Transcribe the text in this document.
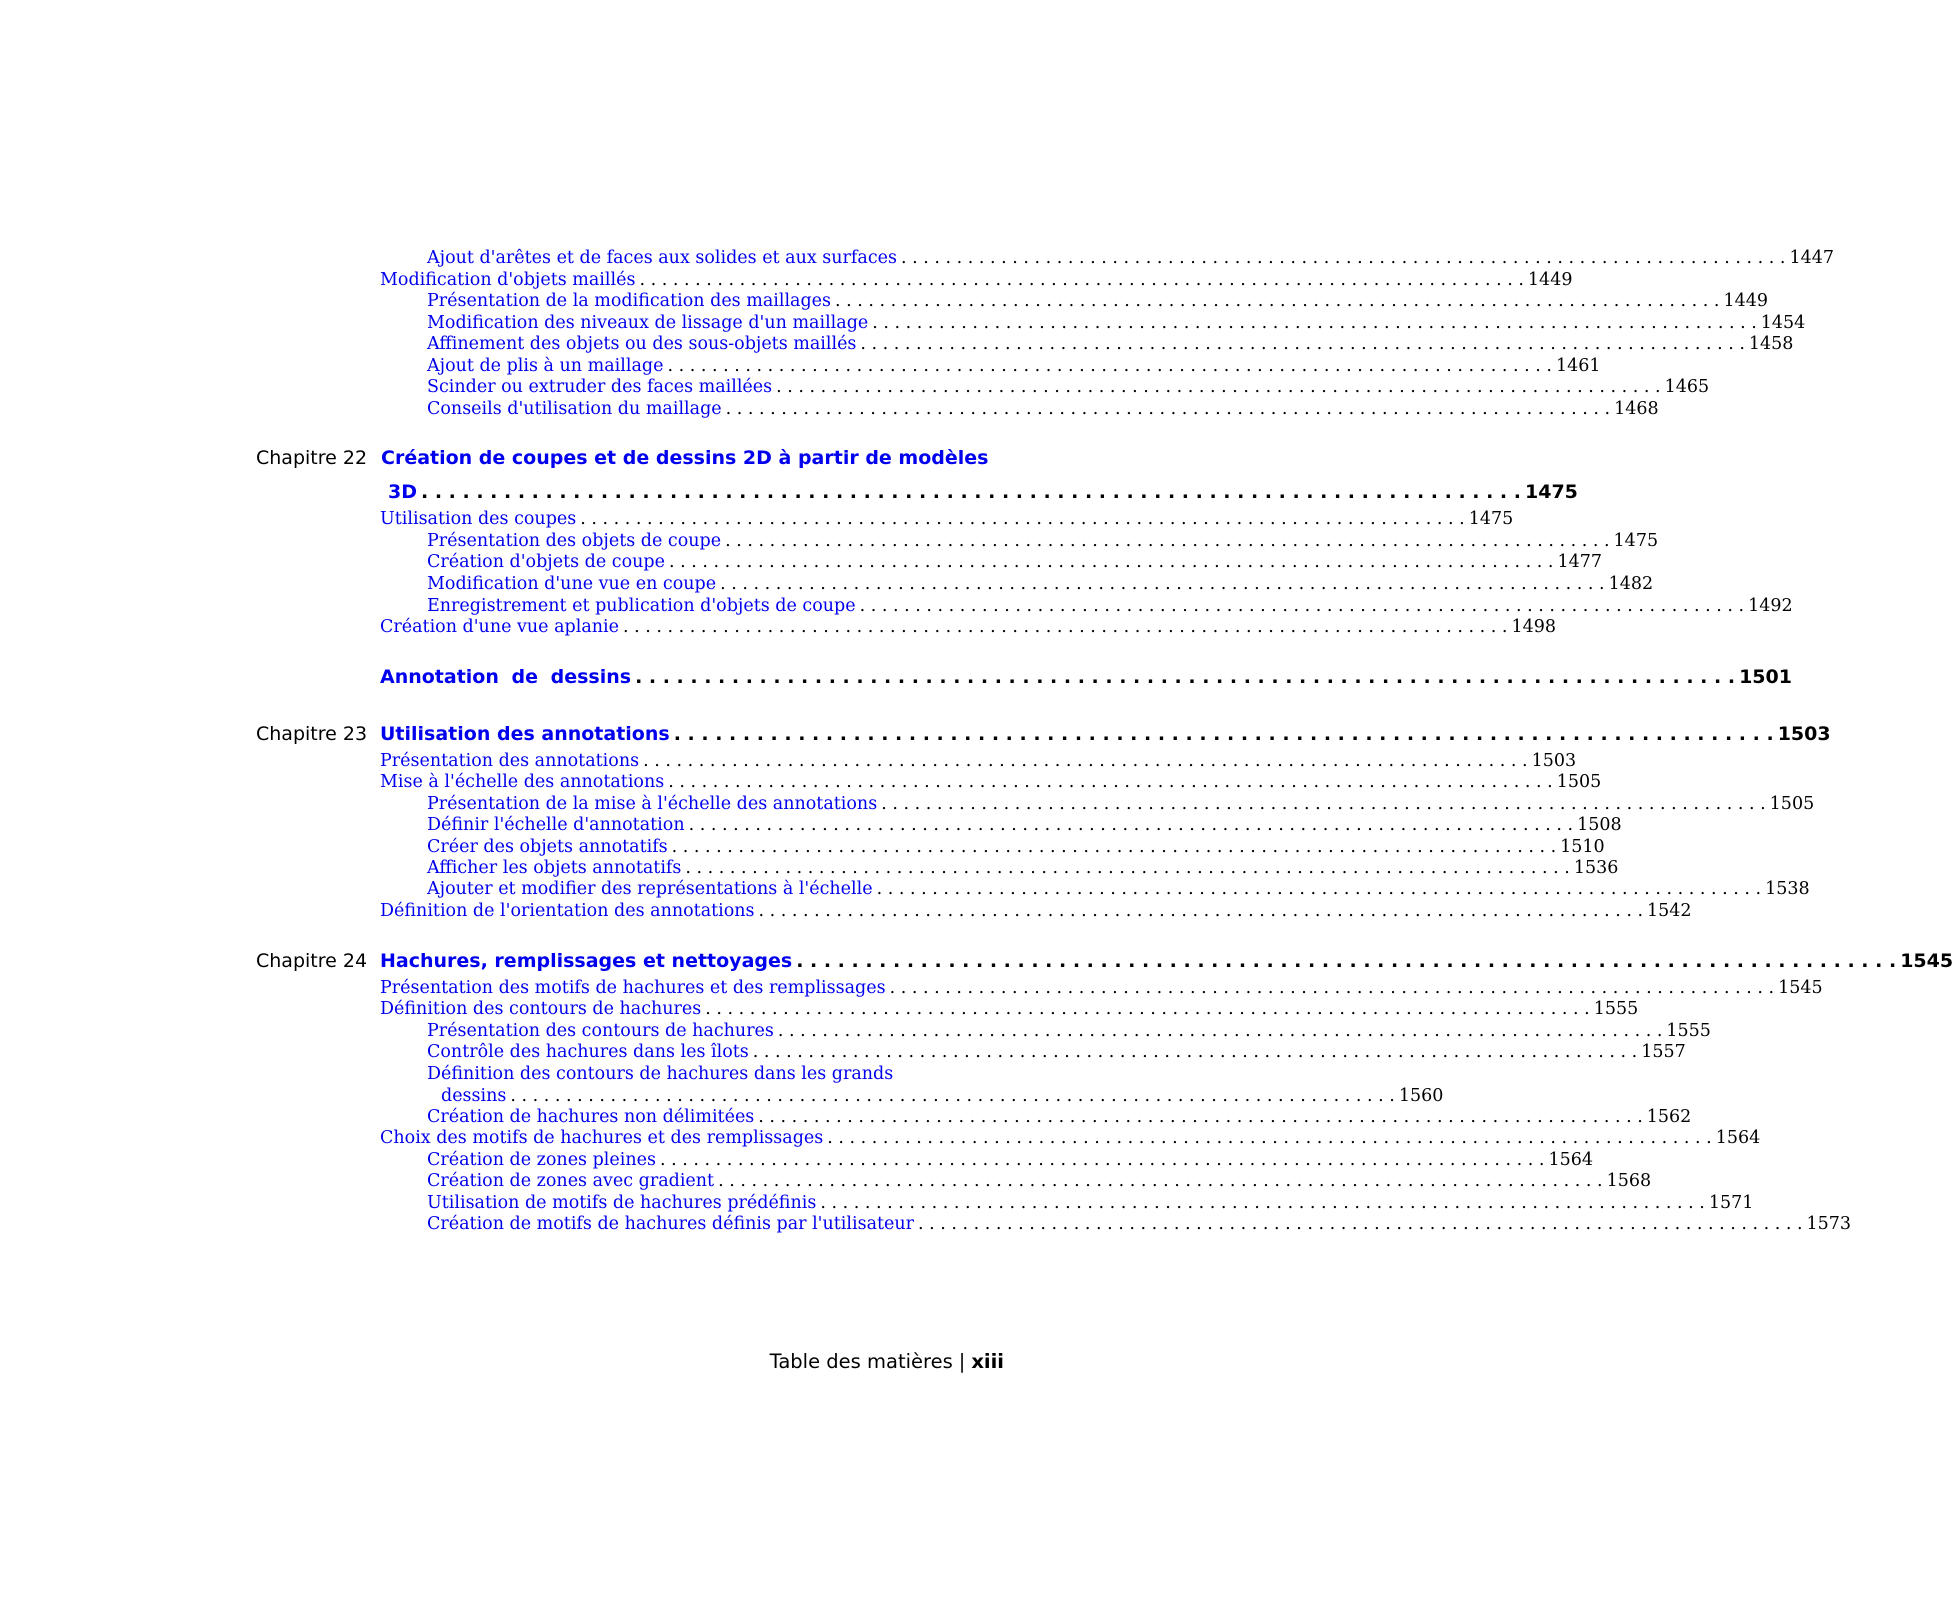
Ajout d'arêtes et de faces aux solides et aux surfaces . . . . . . . . . . . . . . . . . . . . . . . . . . . . . . . . . . . . . . . . . . . . . . . . . . . . . . . . . . . . . . . . . . . . . . . . . . . . . . . . 1447
Modification d'objets maillés . . . . . . . . . . . . . . . . . . . . . . . . . . . . . . . . . . . . . . . . . . . . . . . . . . . . . . . . . . . . . . . . . . . . . . . . . . . . . . . . 1449
Présentation de la modification des maillages . . . . . . . . . . . . . . . . . . . . . . . . . . . . . . . . . . . . . . . . . . . . . . . . . . . . . . . . . . . . . . . . . . . . . . . . . . . . . . . . 1449
Modification des niveaux de lissage d'un maillage . . . . . . . . . . . . . . . . . . . . . . . . . . . . . . . . . . . . . . . . . . . . . . . . . . . . . . . . . . . . . . . . . . . . . . . . . . . . . . . . 1454
Affinement des objets ou des sous-objets maillés . . . . . . . . . . . . . . . . . . . . . . . . . . . . . . . . . . . . . . . . . . . . . . . . . . . . . . . . . . . . . . . . . . . . . . . . . . . . . . . . 1458
Ajout de plis à un maillage . . . . . . . . . . . . . . . . . . . . . . . . . . . . . . . . . . . . . . . . . . . . . . . . . . . . . . . . . . . . . . . . . . . . . . . . . . . . . . . . 1461
Scinder ou extruder des faces maillées . . . . . . . . . . . . . . . . . . . . . . . . . . . . . . . . . . . . . . . . . . . . . . . . . . . . . . . . . . . . . . . . . . . . . . . . . . . . . . . . 1465
Conseils d'utilisation du maillage . . . . . . . . . . . . . . . . . . . . . . . . . . . . . . . . . . . . . . . . . . . . . . . . . . . . . . . . . . . . . . . . . . . . . . . . . . . . . . . . 1468
Chapitre 22 Création de coupes et de dessins 2D à partir de modèles
3D . . . . . . . . . . . . . . . . . . . . . . . . . . . . . . . . . . . . . . . . . . . . . . . . . . . . . . . . . . . . . . . . . . . . . . . . . . . . . . . . 1475
Utilisation des coupes . . . . . . . . . . . . . . . . . . . . . . . . . . . . . . . . . . . . . . . . . . . . . . . . . . . . . . . . . . . . . . . . . . . . . . . . . . . . . . . . 1475
Présentation des objets de coupe . . . . . . . . . . . . . . . . . . . . . . . . . . . . . . . . . . . . . . . . . . . . . . . . . . . . . . . . . . . . . . . . . . . . . . . . . . . . . . . . 1475
Création d'objets de coupe . . . . . . . . . . . . . . . . . . . . . . . . . . . . . . . . . . . . . . . . . . . . . . . . . . . . . . . . . . . . . . . . . . . . . . . . . . . . . . . . 1477
Modification d'une vue en coupe . . . . . . . . . . . . . . . . . . . . . . . . . . . . . . . . . . . . . . . . . . . . . . . . . . . . . . . . . . . . . . . . . . . . . . . . . . . . . . . . 1482
Enregistrement et publication d'objets de coupe . . . . . . . . . . . . . . . . . . . . . . . . . . . . . . . . . . . . . . . . . . . . . . . . . . . . . . . . . . . . . . . . . . . . . . . . . . . . . . . . 1492
Création d'une vue aplanie . . . . . . . . . . . . . . . . . . . . . . . . . . . . . . . . . . . . . . . . . . . . . . . . . . . . . . . . . . . . . . . . . . . . . . . . . . . . . . . . 1498
Annotation de dessins . . . . . . . . . . . . . . . . . . . . . . . . . . . . . . . . . . . . . . . . . . . . . . . . . . . . . . . . . . . . . . . . . . . . . . . . . . . . . . . . 1501
Chapitre 23 Utilisation des annotations . . . . . . . . . . . . . . . . . . . . . . . . . . . . . . . . . . . . . . . . . . . . . . . . . . . . . . . . . . . . . . . . . . . . . . . . . . . . . . . . 1503
Présentation des annotations . . . . . . . . . . . . . . . . . . . . . . . . . . . . . . . . . . . . . . . . . . . . . . . . . . . . . . . . . . . . . . . . . . . . . . . . . . . . . . . . 1503
Mise à l'échelle des annotations . . . . . . . . . . . . . . . . . . . . . . . . . . . . . . . . . . . . . . . . . . . . . . . . . . . . . . . . . . . . . . . . . . . . . . . . . . . . . . . . 1505
Présentation de la mise à l'échelle des annotations . . . . . . . . . . . . . . . . . . . . . . . . . . . . . . . . . . . . . . . . . . . . . . . . . . . . . . . . . . . . . . . . . . . . . . . . . . . . . . . . 1505
Définir l'échelle d'annotation . . . . . . . . . . . . . . . . . . . . . . . . . . . . . . . . . . . . . . . . . . . . . . . . . . . . . . . . . . . . . . . . . . . . . . . . . . . . . . . . 1508
Créer des objets annotatifs . . . . . . . . . . . . . . . . . . . . . . . . . . . . . . . . . . . . . . . . . . . . . . . . . . . . . . . . . . . . . . . . . . . . . . . . . . . . . . . . 1510
Afficher les objets annotatifs . . . . . . . . . . . . . . . . . . . . . . . . . . . . . . . . . . . . . . . . . . . . . . . . . . . . . . . . . . . . . . . . . . . . . . . . . . . . . . . . 1536
Ajouter et modifier des représentations à l'échelle . . . . . . . . . . . . . . . . . . . . . . . . . . . . . . . . . . . . . . . . . . . . . . . . . . . . . . . . . . . . . . . . . . . . . . . . . . . . . . . . 1538
Définition de l'orientation des annotations . . . . . . . . . . . . . . . . . . . . . . . . . . . . . . . . . . . . . . . . . . . . . . . . . . . . . . . . . . . . . . . . . . . . . . . . . . . . . . . . 1542
Chapitre 24 Hachures, remplissages et nettoyages . . . . . . . . . . . . . . . . . . . . . . . . . . . . . . . . . . . . . . . . . . . . . . . . . . . . . . . . . . . . . . . . . . . . . . . . . . . . . . . . 1545
Présentation des motifs de hachures et des remplissages . . . . . . . . . . . . . . . . . . . . . . . . . . . . . . . . . . . . . . . . . . . . . . . . . . . . . . . . . . . . . . . . . . . . . . . . . . . . . . . . 1545
Définition des contours de hachures . . . . . . . . . . . . . . . . . . . . . . . . . . . . . . . . . . . . . . . . . . . . . . . . . . . . . . . . . . . . . . . . . . . . . . . . . . . . . . . . 1555
Présentation des contours de hachures . . . . . . . . . . . . . . . . . . . . . . . . . . . . . . . . . . . . . . . . . . . . . . . . . . . . . . . . . . . . . . . . . . . . . . . . . . . . . . . . 1555
Contrôle des hachures dans les îlots . . . . . . . . . . . . . . . . . . . . . . . . . . . . . . . . . . . . . . . . . . . . . . . . . . . . . . . . . . . . . . . . . . . . . . . . . . . . . . . . 1557
Définition des contours de hachures dans les grands
dessins . . . . . . . . . . . . . . . . . . . . . . . . . . . . . . . . . . . . . . . . . . . . . . . . . . . . . . . . . . . . . . . . . . . . . . . . . . . . . . . . 1560
Création de hachures non délimitées . . . . . . . . . . . . . . . . . . . . . . . . . . . . . . . . . . . . . . . . . . . . . . . . . . . . . . . . . . . . . . . . . . . . . . . . . . . . . . . . 1562
Choix des motifs de hachures et des remplissages . . . . . . . . . . . . . . . . . . . . . . . . . . . . . . . . . . . . . . . . . . . . . . . . . . . . . . . . . . . . . . . . . . . . . . . . . . . . . . . . 1564
Création de zones pleines . . . . . . . . . . . . . . . . . . . . . . . . . . . . . . . . . . . . . . . . . . . . . . . . . . . . . . . . . . . . . . . . . . . . . . . . . . . . . . . . 1564
Création de zones avec gradient . . . . . . . . . . . . . . . . . . . . . . . . . . . . . . . . . . . . . . . . . . . . . . . . . . . . . . . . . . . . . . . . . . . . . . . . . . . . . . . . 1568
Utilisation de motifs de hachures prédéfinis . . . . . . . . . . . . . . . . . . . . . . . . . . . . . . . . . . . . . . . . . . . . . . . . . . . . . . . . . . . . . . . . . . . . . . . . . . . . . . . . 1571
Création de motifs de hachures définis par l'utilisateur . . . . . . . . . . . . . . . . . . . . . . . . . . . . . . . . . . . . . . . . . . . . . . . . . . . . . . . . . . . . . . . . . . . . . . . . . . . . . . . . 1573
Table des matières | xiii
